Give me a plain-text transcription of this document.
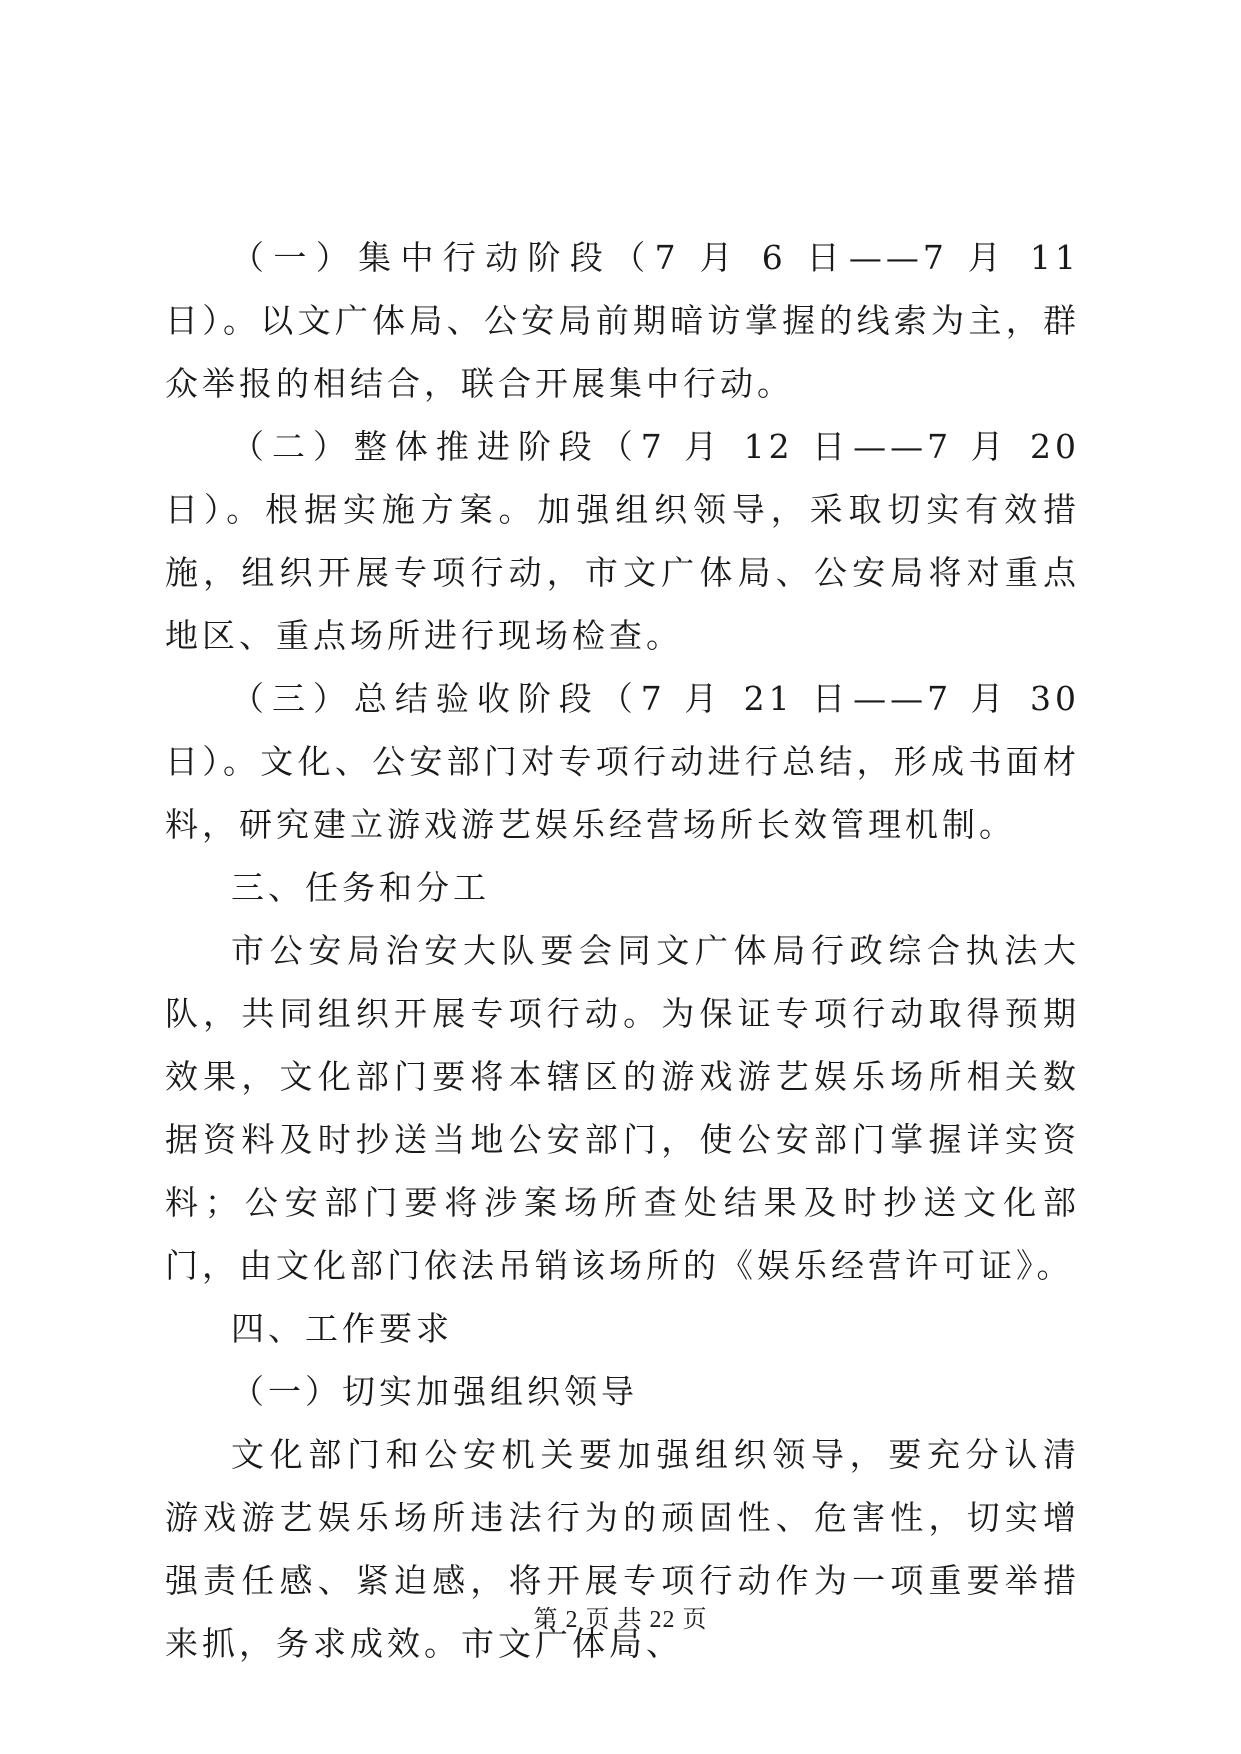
（一）集中行动阶段（7 月 6 日——7 月 11 日）。以文广体局、公安局前期暗访掌握的线索为主，群众举报的相结合，联合开展集中行动。

（二）整体推进阶段（7 月 12 日——7 月 20 日）。根据实施方案。加强组织领导，采取切实有效措施，组织开展专项行动，市文广体局、公安局将对重点地区、重点场所进行现场检查。

（三）总结验收阶段（7 月 21 日——7 月 30 日）。文化、公安部门对专项行动进行总结，形成书面材料，研究建立游戏游艺娱乐经营场所长效管理机制。

三、任务和分工

市公安局治安大队要会同文广体局行政综合执法大队，共同组织开展专项行动。为保证专项行动取得预期效果，文化部门要将本辖区的游戏游艺娱乐场所相关数据资料及时抄送当地公安部门，使公安部门掌握详实资料；公安部门要将涉案场所查处结果及时抄送文化部门，由文化部门依法吊销该场所的《娱乐经营许可证》。

四、工作要求

（一）切实加强组织领导

文化部门和公安机关要加强组织领导，要充分认清游戏游艺娱乐场所违法行为的顽固性、危害性，切实增强责任感、紧迫感，将开展专项行动作为一项重要举措来抓，务求成效。市文广体局、

第 2 页 共 22 页
